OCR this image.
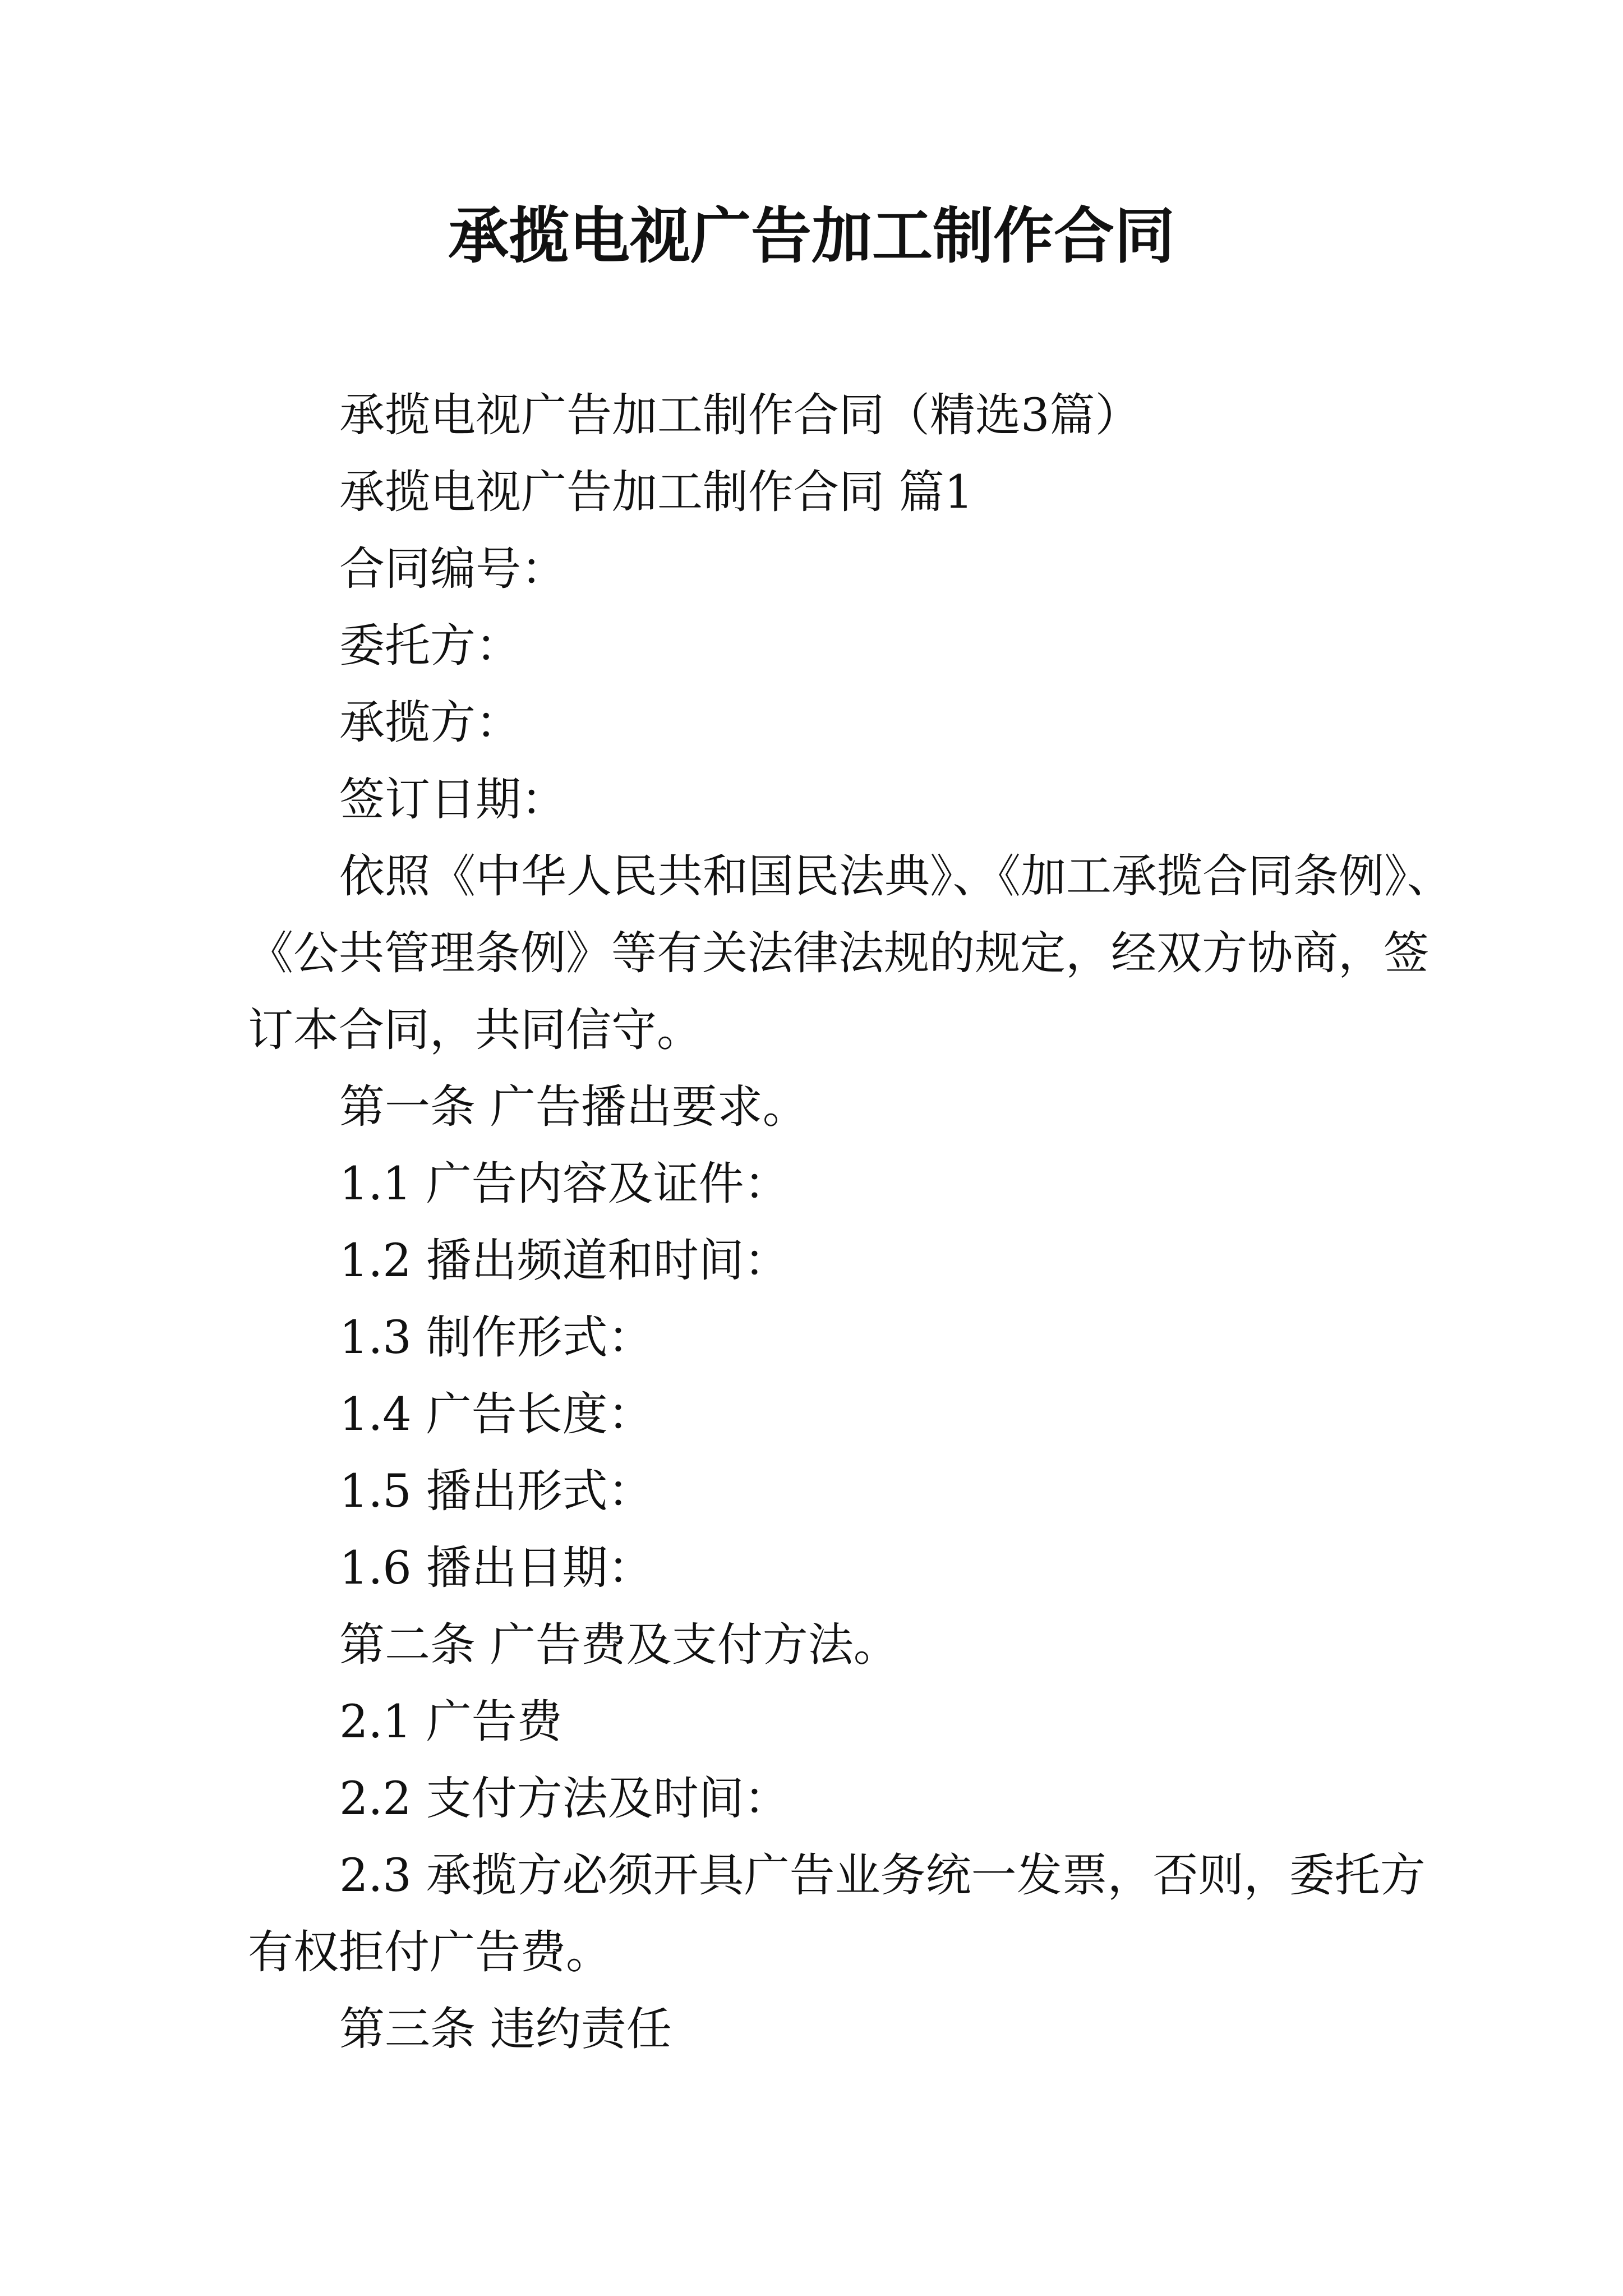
承揽电视广告加工制作合同

承揽电视广告加工制作合同（精选3篇）

承揽电视广告加工制作合同 篇1

合同编号：

委托方：

承揽方：

签订日期：

依照《中华人民共和国民法典》、《加工承揽合同条例》、

《公共管理条例》等有关法律法规的规定，经双方协商，签

订本合同，共同信守。

第一条 广告播出要求。

1.1 广告内容及证件：

1.2 播出频道和时间：

1.3 制作形式：

1.4 广告长度：

1.5 播出形式：

1.6 播出日期：

第二条 广告费及支付方法。

2.1 广告费

2.2 支付方法及时间：

2.3 承揽方必须开具广告业务统一发票，否则，委托方

有权拒付广告费。

第三条 违约责任
